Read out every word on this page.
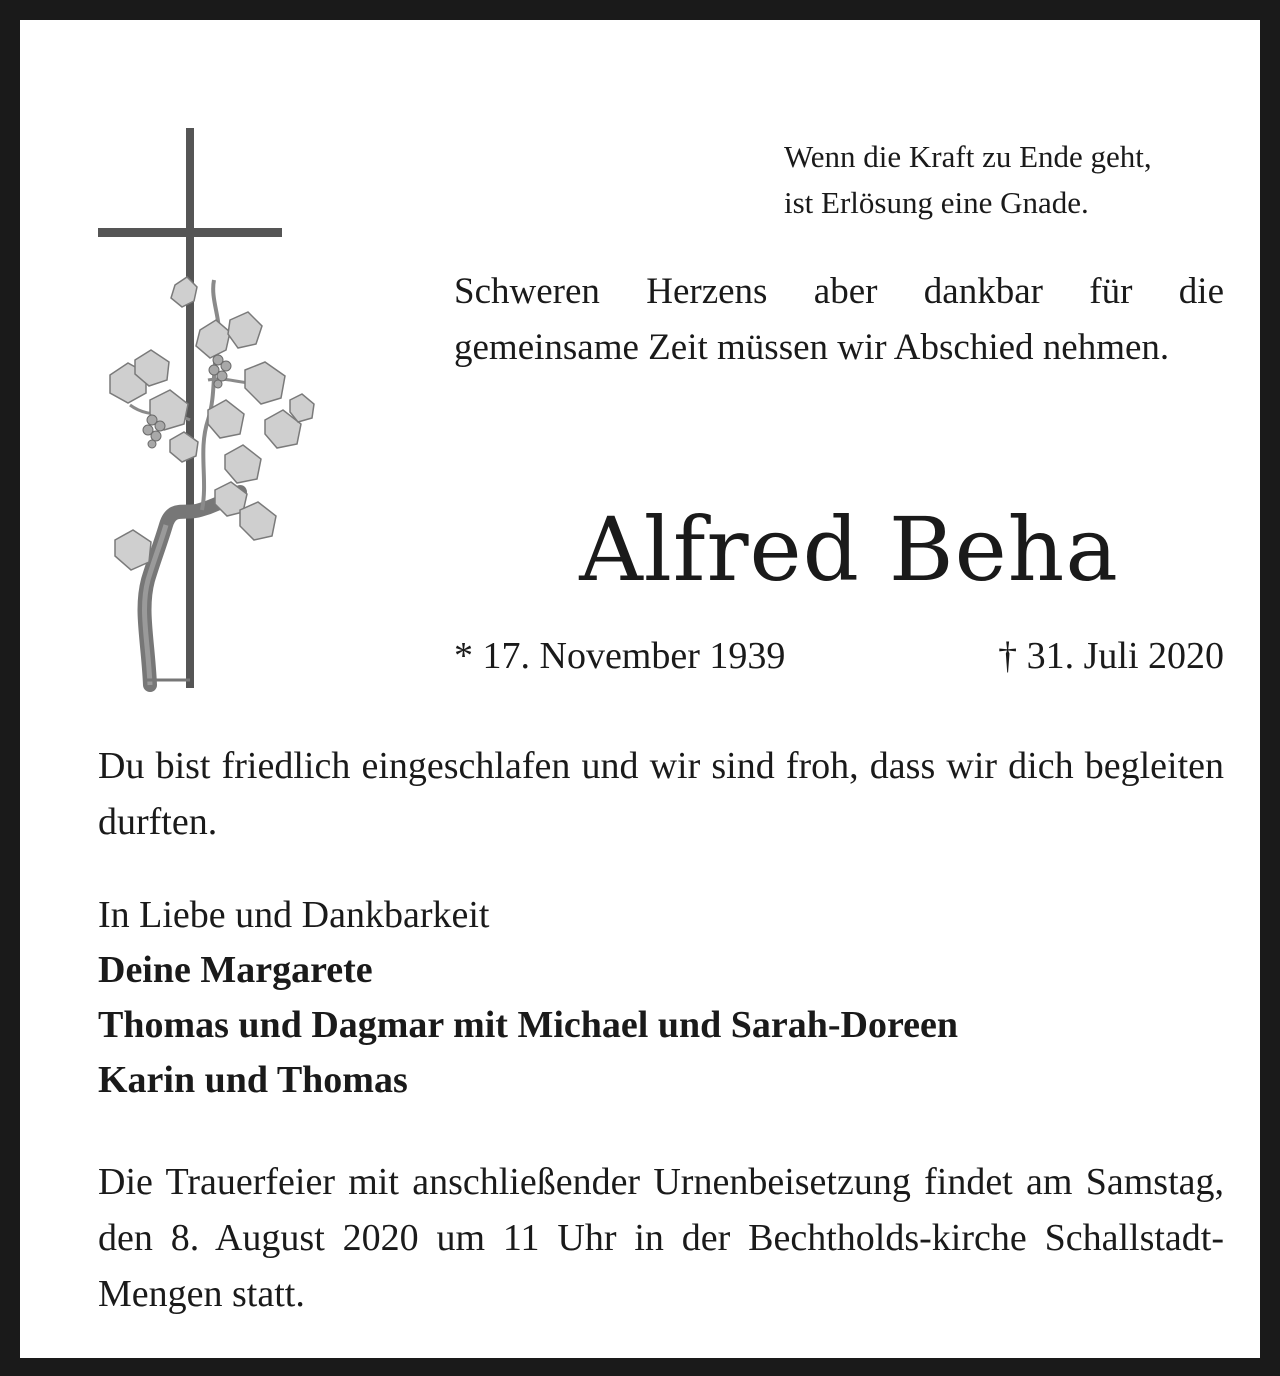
Wenn die Kraft zu Ende geht,
ist Erlösung eine Gnade.
Schweren Herzens aber dankbar für die gemeinsame Zeit müssen wir Abschied nehmen.
Alfred Beha
* 17. November 1939	† 31. Juli 2020
Du bist friedlich eingeschlafen und wir sind froh, dass wir dich begleiten durften.
In Liebe und Dankbarkeit
Deine Margarete
Thomas und Dagmar mit Michael und Sarah-Doreen
Karin und Thomas
Die Trauerfeier mit anschließender Urnenbeisetzung findet am Samstag, den 8. August 2020 um 11 Uhr in der Bechtholds-kirche Schallstadt-Mengen statt.
